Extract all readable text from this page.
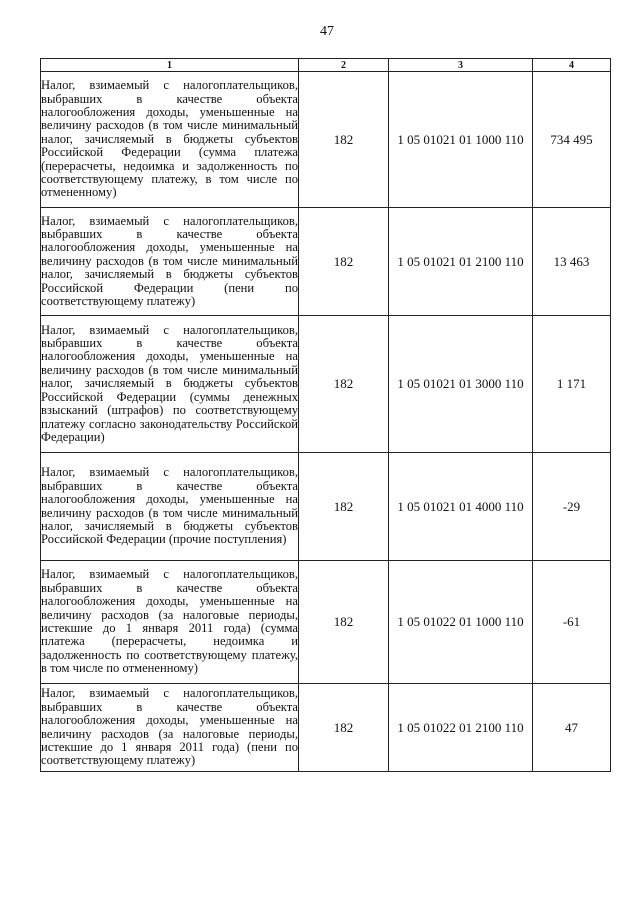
47
1	2	3	4
Налог, взимаемый с налогоплательщиков, выбравших в качестве объекта налогообложения доходы, уменьшенные на величину расходов (в том числе минимальный налог, зачисляемый в бюджеты субъектов Российской Федерации (сумма платежа (перерасчеты, недоимка и задолженность по соответствующему платежу, в том числе по отмененному)	182	1 05 01021 01 1000 110	734 495
Налог, взимаемый с налогоплательщиков, выбравших в качестве объекта налогообложения доходы, уменьшенные на величину расходов (в том числе минимальный налог, зачисляемый в бюджеты субъектов Российской Федерации (пени по соответствующему платежу)	182	1 05 01021 01 2100 110	13 463
Налог, взимаемый с налогоплательщиков, выбравших в качестве объекта налогообложения доходы, уменьшенные на величину расходов (в том числе минимальный налог, зачисляемый в бюджеты субъектов Российской Федерации (суммы денежных взысканий (штрафов) по соответствующему платежу согласно законодательству Российской Федерации)	182	1 05 01021 01 3000 110	1 171
Налог, взимаемый с налогоплательщиков, выбравших в качестве объекта налогообложения доходы, уменьшенные на величину расходов (в том числе минимальный налог, зачисляемый в бюджеты субъектов Российской Федерации (прочие поступления)	182	1 05 01021 01 4000 110	-29
Налог, взимаемый с налогоплательщиков, выбравших в качестве объекта налогообложения доходы, уменьшенные на величину расходов (за налоговые периоды, истекшие до 1 января 2011 года) (сумма платежа (перерасчеты, недоимка и задолженность по соответствующему платежу, в том числе по отмененному)	182	1 05 01022 01 1000 110	-61
Налог, взимаемый с налогоплательщиков, выбравших в качестве объекта налогообложения доходы, уменьшенные на величину расходов (за налоговые периоды, истекшие до 1 января 2011 года) (пени по соответствующему платежу)	182	1 05 01022 01 2100 110	47
